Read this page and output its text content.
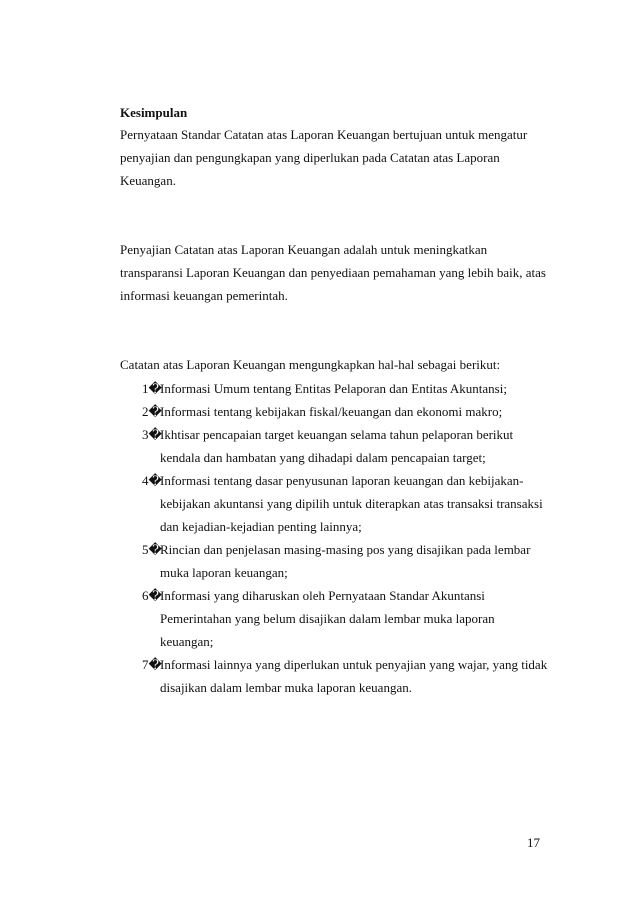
Kesimpulan
Pernyataan Standar Catatan atas Laporan Keuangan bertujuan untuk mengatur
penyajian dan pengungkapan yang diperlukan pada Catatan atas Laporan
Keuangan.
Penyajian Catatan atas Laporan Keuangan adalah untuk meningkatkan
transparansi Laporan Keuangan dan penyediaan pemahaman yang lebih baik, atas
informasi keuangan pemerintah.
Catatan atas Laporan Keuangan mengungkapkan hal-hal sebagai berikut:
1�
Informasi Umum tentang Entitas Pelaporan dan Entitas Akuntansi;
2�
Informasi tentang kebijakan fiskal/keuangan dan ekonomi makro;
3�
Ikhtisar pencapaian target keuangan selama tahun pelaporan berikut
kendala dan hambatan yang dihadapi dalam pencapaian target;
4�
Informasi tentang dasar penyusunan laporan keuangan dan kebijakan-
kebijakan akuntansi yang dipilih untuk diterapkan atas transaksi transaksi
dan kejadian-kejadian penting lainnya;
5�
Rincian dan penjelasan masing-masing pos yang disajikan pada lembar
muka laporan keuangan;
6�
Informasi yang diharuskan oleh Pernyataan Standar Akuntansi
Pemerintahan yang belum disajikan dalam lembar muka laporan
keuangan;
7�
Informasi lainnya yang diperlukan untuk penyajian yang wajar, yang tidak
disajikan dalam lembar muka laporan keuangan.
17
